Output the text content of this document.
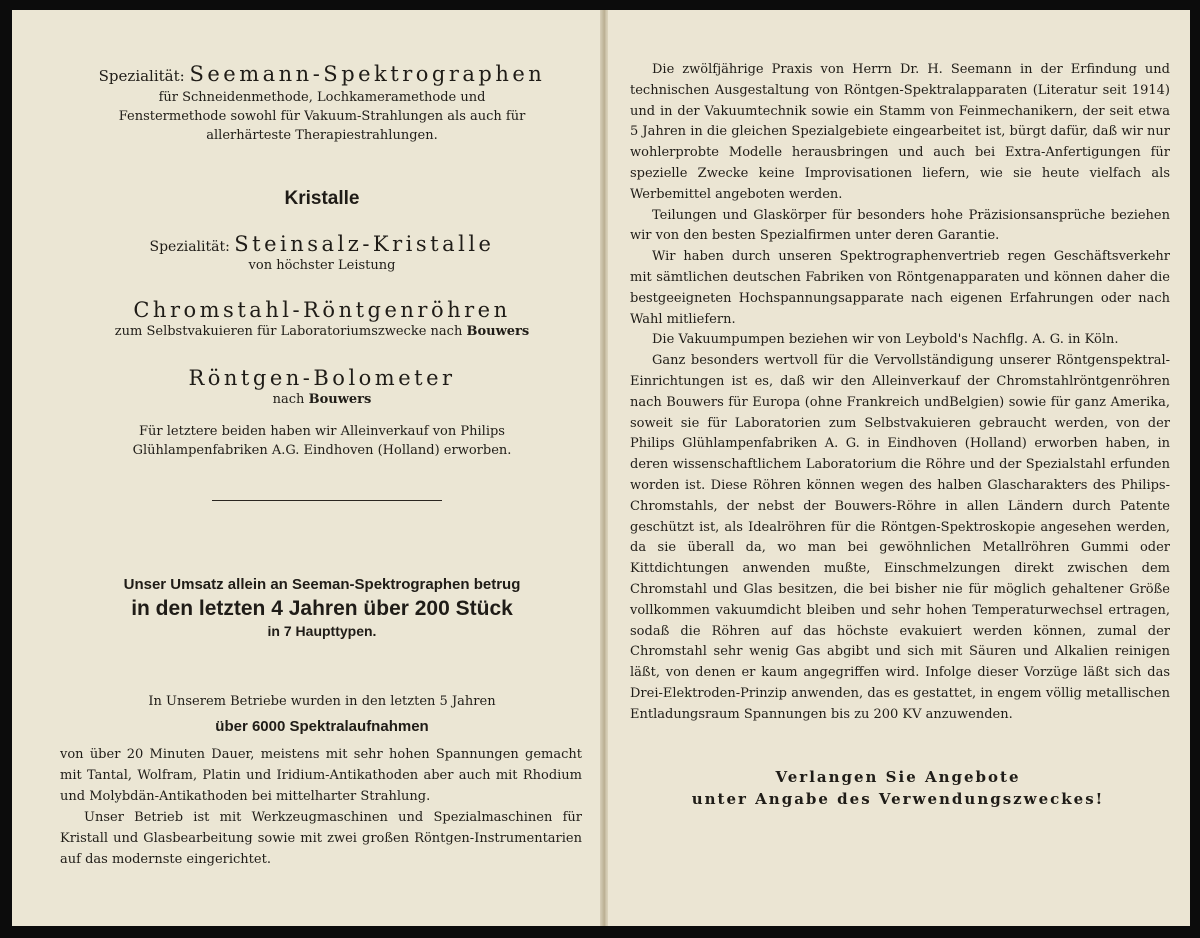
Spezialität: Seemann-Spektrographen
für Schneidenmethode, Lochkameramethode und Fenstermethode sowohl für Vakuum-Strahlungen als auch für allerhärteste Therapiestrahlungen.
Kristalle
Spezialität: Steinsalz-Kristalle
von höchster Leistung
Chromstahl-Röntgenröhren
zum Selbstvakuieren für Laboratoriumszwecke nach Bouwers
Röntgen-Bolometer
nach Bouwers
Für letztere beiden haben wir Alleinverkauf von Philips Glühlampenfabriken A.G. Eindhoven (Holland) erworben.
Unser Umsatz allein an Seeman-Spektrographen betrug
in den letzten 4 Jahren über 200 Stück
in 7 Haupttypen.
In Unserem Betriebe wurden in den letzten 5 Jahren
über 6000 Spektralaufnahmen

von über 20 Minuten Dauer, meistens mit sehr hohen Spannungen gemacht mit Tantal, Wolfram, Platin und Iridium-Antikathoden aber auch mit Rhodium und Molybdän-Antikathoden bei mittelharter Strahlung.

Unser Betrieb ist mit Werkzeugmaschinen und Spezialmaschinen für Kristall und Glasbearbeitung sowie mit zwei großen Röntgen-Instrumentarien auf das modernste eingerichtet.

Die zwölfjährige Praxis von Herrn Dr. H. Seemann in der Erfindung und technischen Ausgestaltung von Röntgen-Spektralapparaten (Literatur seit 1914) und in der Vakuumtechnik sowie ein Stamm von Feinmechanikern, der seit etwa 5 Jahren in die gleichen Spezialgebiete eingearbeitet ist, bürgt dafür, daß wir nur wohlerprobte Modelle herausbringen und auch bei Extra-Anfertigungen für spezielle Zwecke keine Improvisationen liefern, wie sie heute vielfach als Werbemittel angeboten werden.

Teilungen und Glaskörper für besonders hohe Präzisionsansprüche beziehen wir von den besten Spezialfirmen unter deren Garantie.

Wir haben durch unseren Spektrographenvertrieb regen Geschäftsverkehr mit sämtlichen deutschen Fabriken von Röntgenapparaten und können daher die bestgeeigneten Hochspannungsapparate nach eigenen Erfahrungen oder nach Wahl mitliefern.

Die Vakuumpumpen beziehen wir von Leybold's Nachflg. A. G. in Köln.

Ganz besonders wertvoll für die Vervollständigung unserer Röntgenspektral-Einrichtungen ist es, daß wir den Alleinverkauf der Chromstahlröntgenröhren nach Bouwers für Europa (ohne Frankreich undBelgien) sowie für ganz Amerika, soweit sie für Laboratorien zum Selbstvakuieren gebraucht werden, von der Philips Glühlampenfabriken A. G. in Eindhoven (Holland) erworben haben, in deren wissenschaftlichem Laboratorium die Röhre und der Spezialstahl erfunden worden ist. Diese Röhren können wegen des halben Glascharakters des Philips-Chromstahls, der nebst der Bouwers-Röhre in allen Ländern durch Patente geschützt ist, als Idealröhren für die Röntgen-Spektroskopie angesehen werden, da sie überall da, wo man bei gewöhnlichen Metallröhren Gummi oder Kittdichtungen anwenden mußte, Einschmelzungen direkt zwischen dem Chromstahl und Glas besitzen, die bei bisher nie für möglich gehaltener Größe vollkommen vakuumdicht bleiben und sehr hohen Temperaturwechsel ertragen, sodaß die Röhren auf das höchste evakuiert werden können, zumal der Chromstahl sehr wenig Gas abgibt und sich mit Säuren und Alkalien reinigen läßt, von denen er kaum angegriffen wird. Infolge dieser Vorzüge läßt sich das Drei-Elektroden-Prinzip anwenden, das es gestattet, in engem völlig metallischen Entladungsraum Spannungen bis zu 200 KV anzuwenden.

Verlangen Sie Angebote
unter Angabe des Verwendungszweckes!
